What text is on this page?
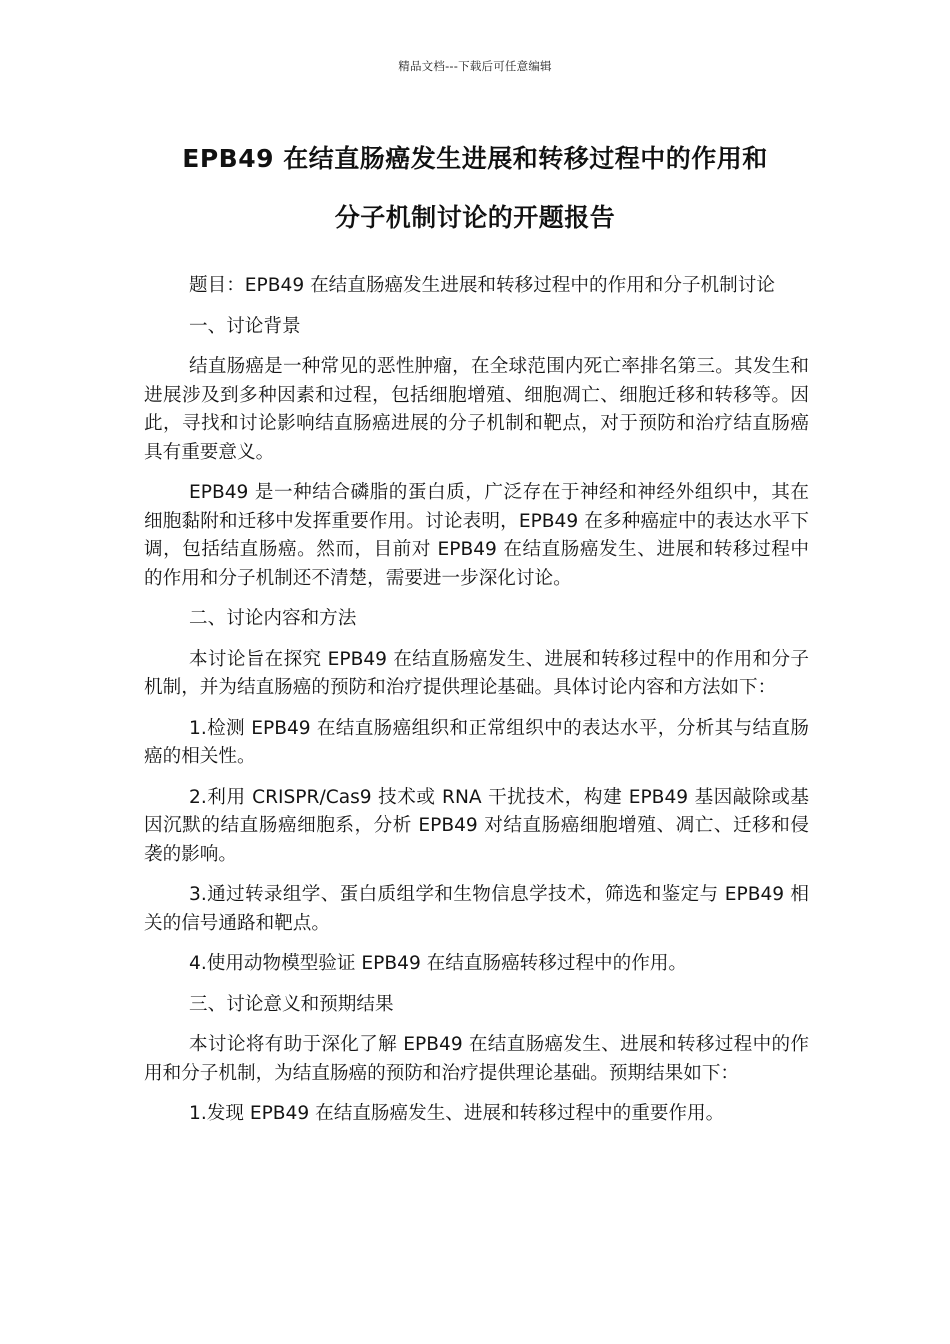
精品文档---下载后可任意编辑
EPB49 在结直肠癌发生进展和转移过程中的作用和
分子机制讨论的开题报告

题目：EPB49 在结直肠癌发生进展和转移过程中的作用和分子机制讨论

一、讨论背景

结直肠癌是一种常见的恶性肿瘤，在全球范围内死亡率排名第三。其发生和进展涉及到多种因素和过程，包括细胞增殖、细胞凋亡、细胞迁移和转移等。因此，寻找和讨论影响结直肠癌进展的分子机制和靶点，对于预防和治疗结直肠癌具有重要意义。

EPB49 是一种结合磷脂的蛋白质，广泛存在于神经和神经外组织中，其在细胞黏附和迁移中发挥重要作用。讨论表明，EPB49 在多种癌症中的表达水平下调，包括结直肠癌。然而，目前对 EPB49 在结直肠癌发生、进展和转移过程中的作用和分子机制还不清楚，需要进一步深化讨论。

二、讨论内容和方法

本讨论旨在探究 EPB49 在结直肠癌发生、进展和转移过程中的作用和分子机制，并为结直肠癌的预防和治疗提供理论基础。具体讨论内容和方法如下：

1.检测 EPB49 在结直肠癌组织和正常组织中的表达水平，分析其与结直肠癌的相关性。

2.利用 CRISPR/Cas9 技术或 RNA 干扰技术，构建 EPB49 基因敲除或基因沉默的结直肠癌细胞系，分析 EPB49 对结直肠癌细胞增殖、凋亡、迁移和侵袭的影响。

3.通过转录组学、蛋白质组学和生物信息学技术，筛选和鉴定与 EPB49 相关的信号通路和靶点。

4.使用动物模型验证 EPB49 在结直肠癌转移过程中的作用。

三、讨论意义和预期结果

本讨论将有助于深化了解 EPB49 在结直肠癌发生、进展和转移过程中的作用和分子机制，为结直肠癌的预防和治疗提供理论基础。预期结果如下：

1.发现 EPB49 在结直肠癌发生、进展和转移过程中的重要作用。
